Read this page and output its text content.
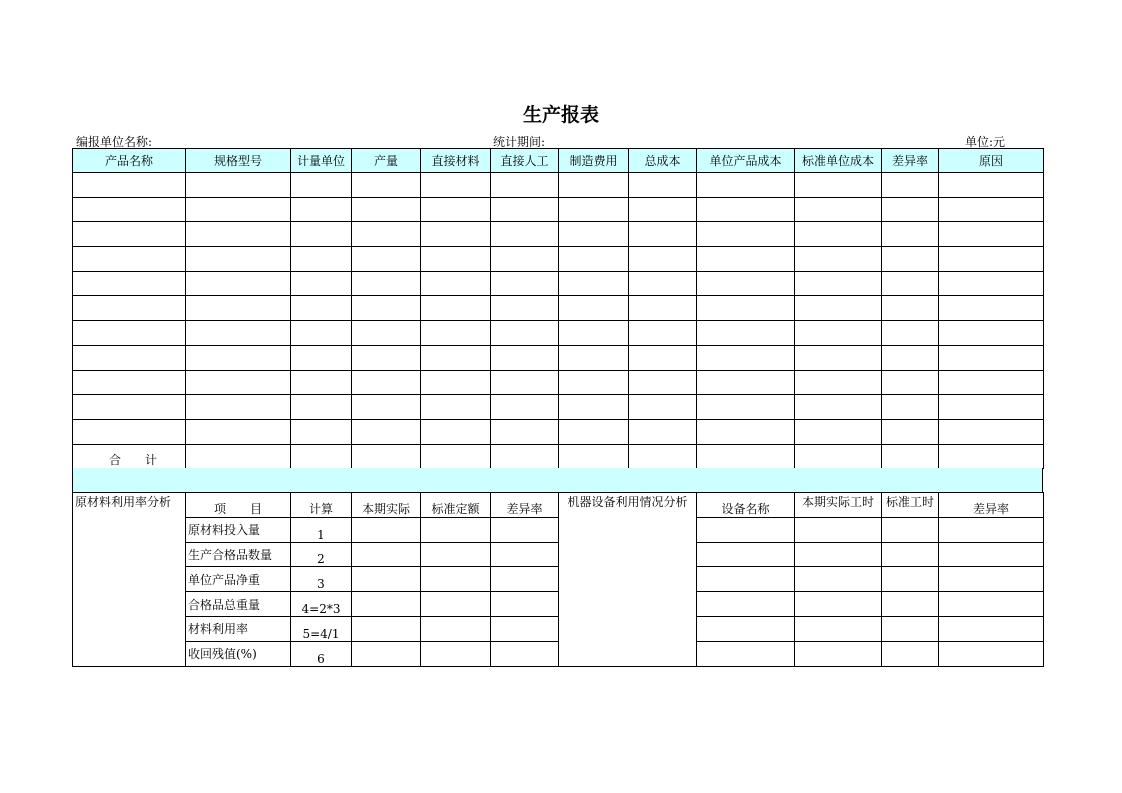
生产报表
编报单位名称:	统计期间:	单位:元
产品名称	规格型号	计量单位	产量	直接材料	直接人工	制造费用	总成本	单位产品成本	标准单位成本	差异率	原因

合　　计											
原材料利用率分析	项　　目	计算	本期实际	标准定额	差异率	机器设备利用情况分析	设备名称	本期实际工时	标准工时	差异率
	原材料投入量	1								
	生产合格品数量	2								
	单位产品净重	3								
	合格品总重量	4=2*3								
	材料利用率	5=4/1								
	收回残值(%)	6								
